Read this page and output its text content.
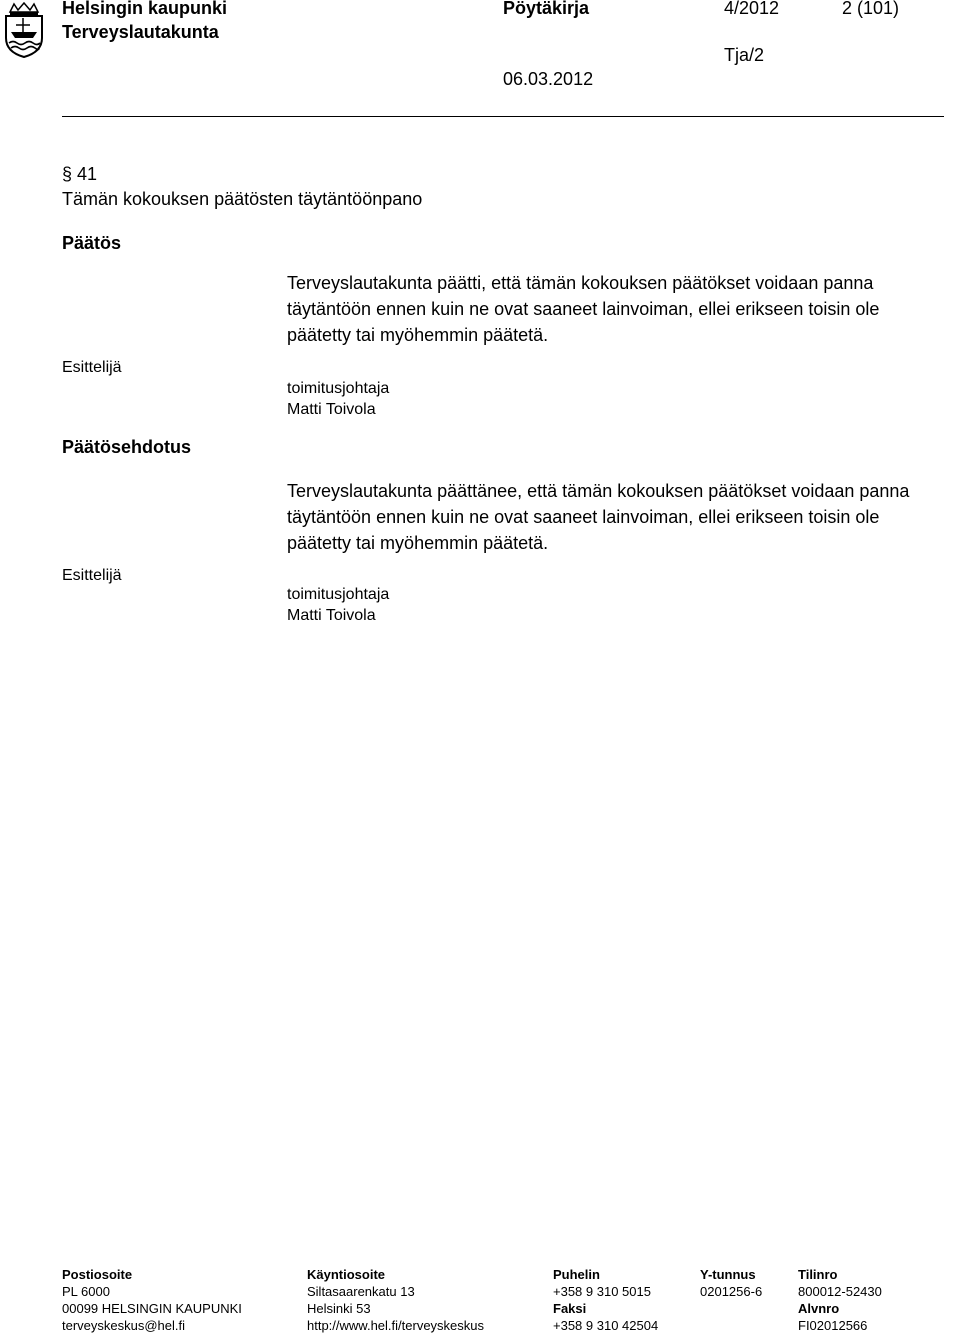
Helsingin kaupunki
Terveyslautakunta
Pöytäkirja	4/2012	2 (101)
Tja/2
06.03.2012
§ 41
Tämän kokouksen päätösten täytäntöönpano
Päätös
Terveyslautakunta päätti, että tämän kokouksen päätökset voidaan panna täytäntöön ennen kuin ne ovat saaneet lainvoiman, ellei erikseen toisin ole päätetty tai myöhemmin päätetä.
Esittelijä
toimitusjohtaja
Matti Toivola
Päätösehdotus
Terveyslautakunta päättänee, että tämän kokouksen päätökset voidaan panna täytäntöön ennen kuin ne ovat saaneet lainvoiman, ellei erikseen toisin ole päätetty tai myöhemmin päätetä.
Esittelijä
toimitusjohtaja
Matti Toivola
Postiosoite
PL 6000
00099 HELSINGIN KAUPUNKI
terveyskeskus@hel.fi
Käyntiosoite
Siltasaarenkatu 13
Helsinki 53
http://www.hel.fi/terveyskeskus
Puhelin
+358 9 310 5015
Faksi
+358 9 310 42504
Y-tunnus
0201256-6
Tilinro
800012-52430
Alvnro
FI02012566
